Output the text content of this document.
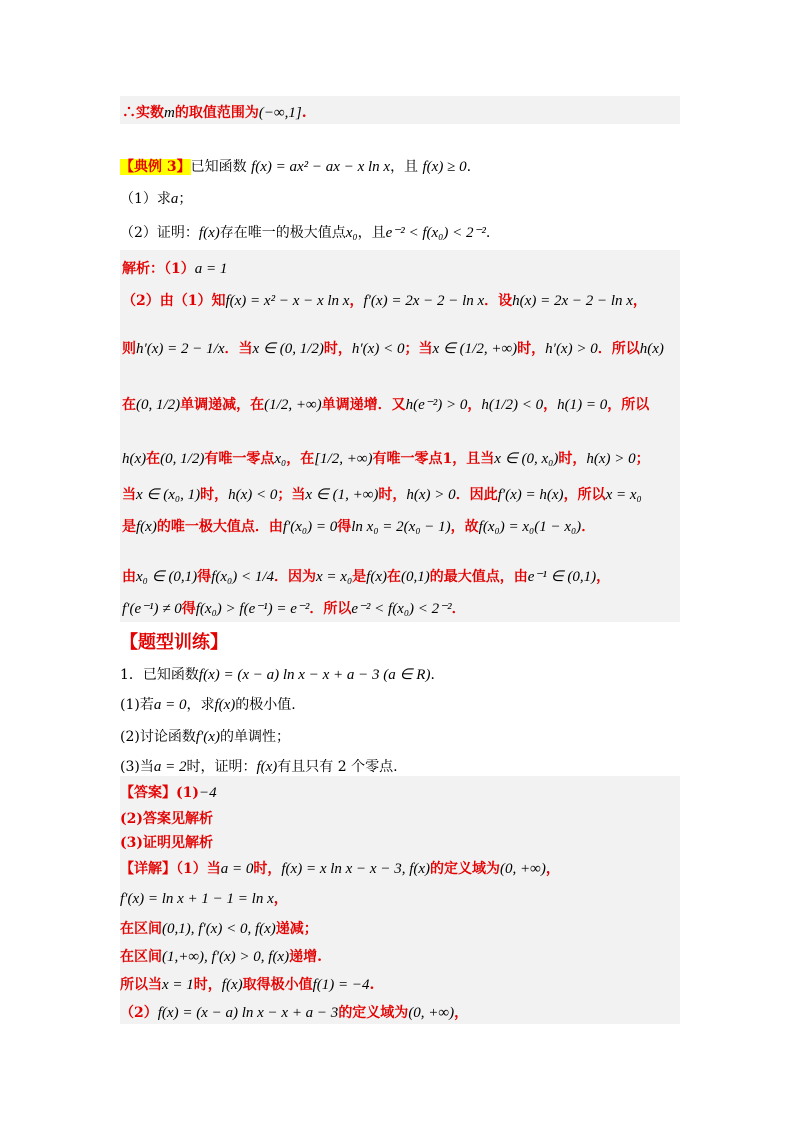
∴实数m的取值范围为(−∞,1].
【典例 3】已知函数 f(x) = ax² − ax − x ln x，且 f(x) ≥ 0.
（1）求a；
（2）证明：f(x)存在唯一的极大值点x₀，且e⁻² < f(x₀) < 2⁻².
解析：（1）a = 1
（2）由（1）知f(x) = x² − x − x ln x，f′(x) = 2x − 2 − ln x．设h(x) = 2x − 2 − ln x，
则h′(x) = 2 − 1/x．当x ∈ (0, 1/2)时，h′(x) < 0；当x ∈ (1/2, +∞)时，h′(x) > 0．所以h(x)
在(0, 1/2)单调递减，在(1/2, +∞)单调递增．又h(e⁻²) > 0，h(1/2) < 0，h(1) = 0，所以
h(x)在(0, 1/2)有唯一零点x₀，在[1/2, +∞)有唯一零点1，且当x ∈ (0, x₀)时，h(x) > 0；
当x ∈ (x₀, 1)时，h(x) < 0；当x ∈ (1, +∞)时，h(x) > 0．因此f′(x) = h(x)，所以x = x₀
是f(x)的唯一极大值点．由f′(x₀) = 0得ln x₀ = 2(x₀ − 1)，故f(x₀) = x₀(1 − x₀)．
由x₀ ∈ (0,1)得f(x₀) < 1/4．因为x = x₀是f(x)在(0,1)的最大值点，由e⁻¹ ∈ (0,1)，
f′(e⁻¹) ≠ 0得f(x₀) > f(e⁻¹) = e⁻²．所以e⁻² < f(x₀) < 2⁻²．
【题型训练】
1．已知函数f(x) = (x − a) ln x − x + a − 3 (a ∈ R)．
(1)若a = 0，求f(x)的极小值.
(2)讨论函数f′(x)的单调性；
(3)当a = 2时，证明：f(x)有且只有 2 个零点.
【答案】(1)−4
(2)答案见解析
(3)证明见解析
【详解】（1）当a = 0时，f(x) = x ln x − x − 3, f(x)的定义域为(0, +∞)，
f′(x) = ln x + 1 − 1 = ln x，
在区间(0,1), f′(x) < 0, f(x)递减；
在区间(1,+∞), f′(x) > 0, f(x)递增.
所以当x = 1时，f(x)取得极小值f(1) = −4.
（2）f(x) = (x − a) ln x − x + a − 3的定义域为(0, +∞)，
